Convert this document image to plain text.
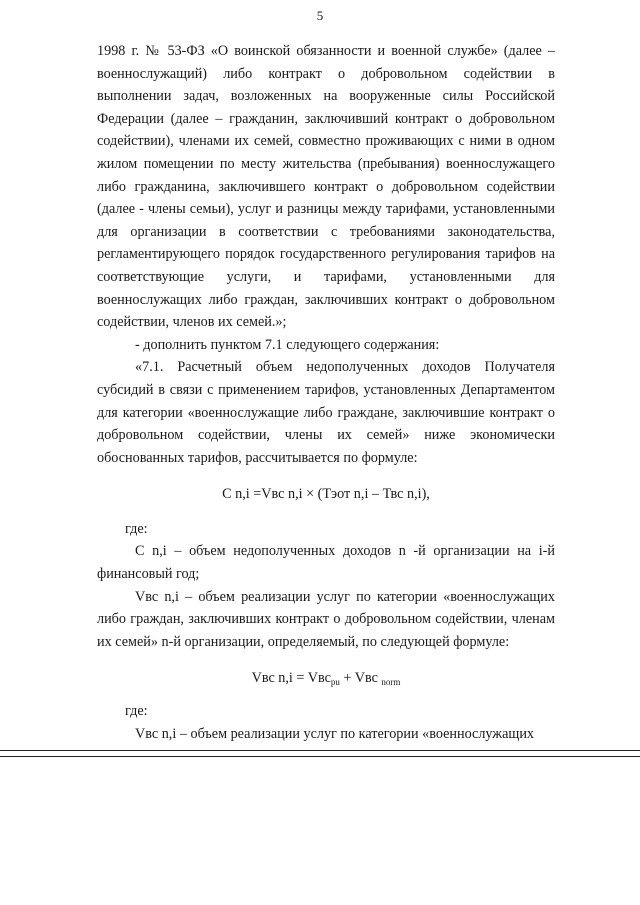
5

1998 г. № 53-ФЗ «О воинской обязанности и военной службе» (далее – военнослужащий) либо контракт о добровольном содействии в выполнении задач, возложенных на вооруженные силы Российской Федерации (далее – гражданин, заключивший контракт о добровольном содействии), членами их семей, совместно проживающих с ними в одном жилом помещении по месту жительства (пребывания) военнослужащего либо гражданина, заключившего контракт о добровольном содействии (далее - члены семьи), услуг и разницы между тарифами, установленными для организации в соответствии с требованиями законодательства, регламентирующего порядок государственного регулирования тарифов на соответствующие услуги, и тарифами, установленными для военнослужащих либо граждан, заключивших контракт о добровольном содействии, членов их семей.»;

- дополнить пунктом 7.1 следующего содержания:

«7.1. Расчетный объем недополученных доходов Получателя субсидий в связи с применением тарифов, установленных Департаментом для категории «военнослужащие либо граждане, заключившие контракт о добровольном содействии, члены их семей» ниже экономически обоснованных тарифов, рассчитывается по формуле:

С n,i =Vвс n,i × (Тэот n,i – Твс n,i),

где:

С n,i – объем недополученных доходов n -й организации на i-й финансовый год;

Vвс n,i – объем реализации услуг по категории «военнослужащих либо граждан, заключивших контракт о добровольном содействии, членам их семей» n-й организации, определяемый, по следующей формуле:

Vвс n,i = Vвс$_{pu}$ + Vвс $_{norm}$

где:

Vвс n,i – объем реализации услуг по категории «военнослужащих
